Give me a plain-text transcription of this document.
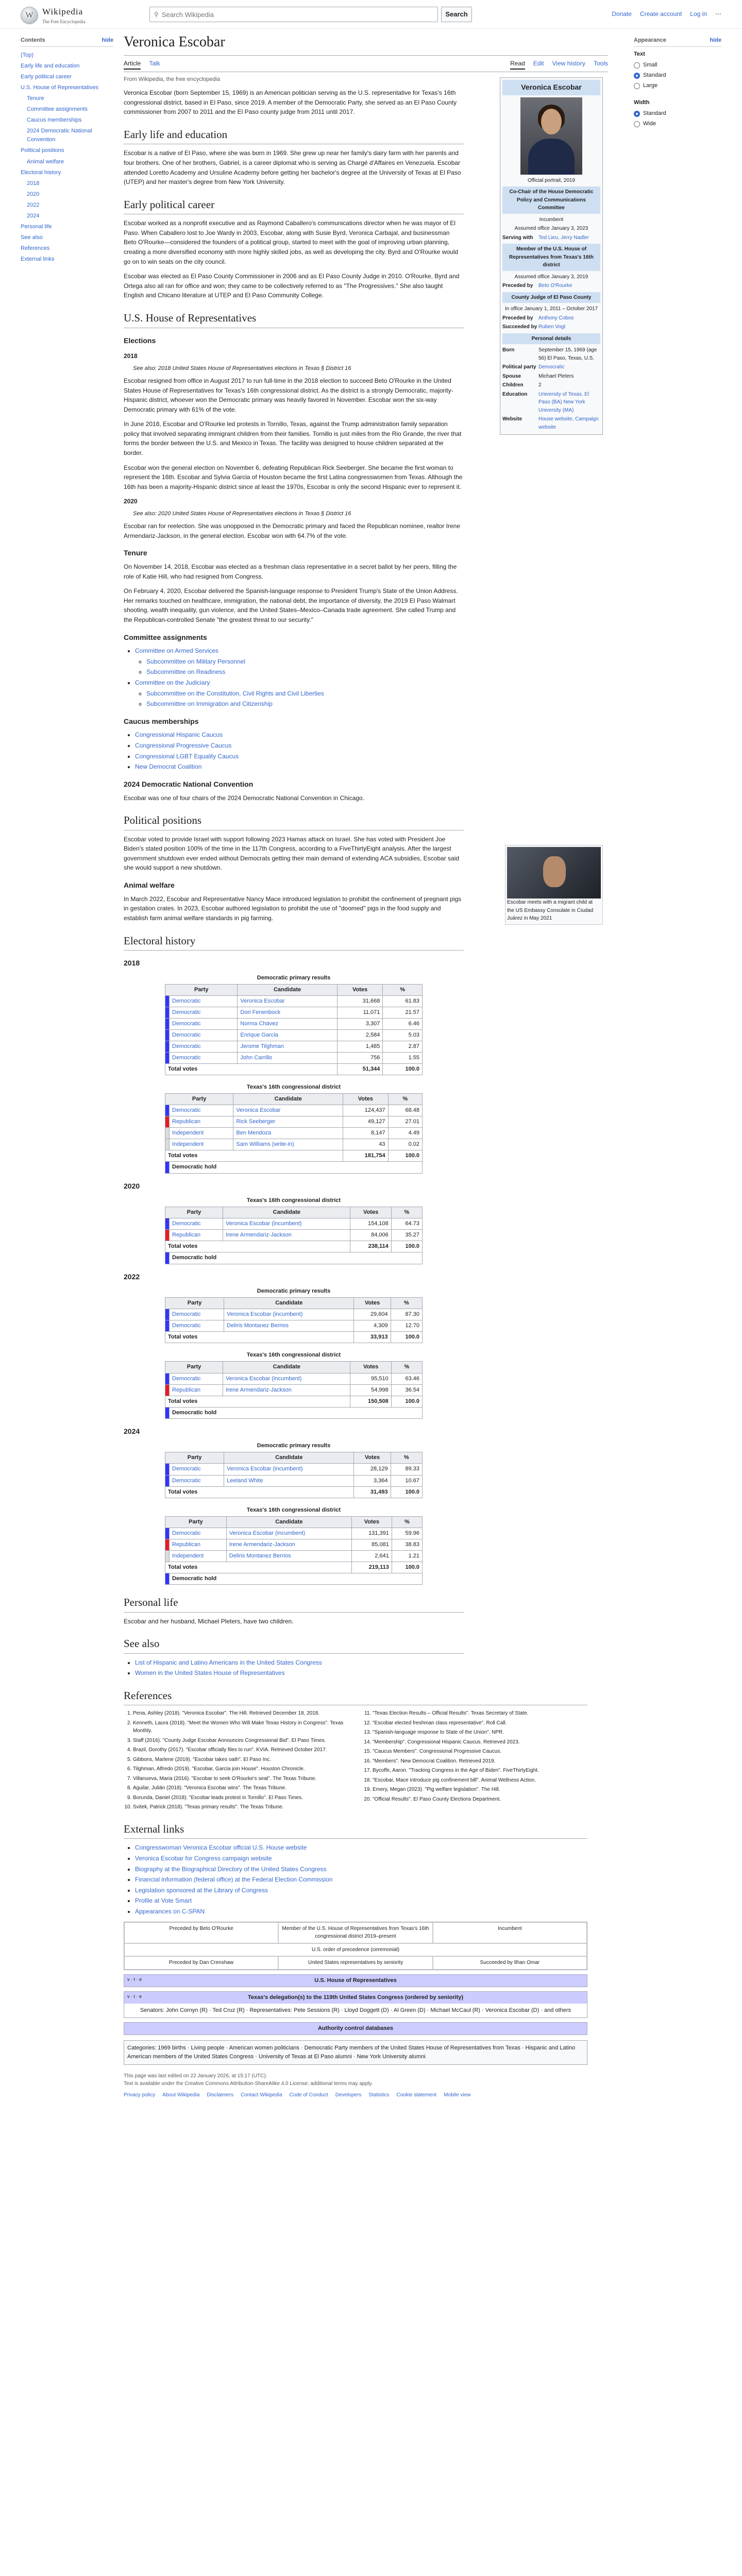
W	Wikipedia
The Free Encyclopedia
⚲
Search Wikipedia	Search	Donate Create account Log in ⋯
Contents	hide
(Top)
Early life and education
Early political career
U.S. House of Representatives
Tenure
Committee assignments
Caucus memberships
2024 Democratic National Convention
Political positions
Animal welfare
Electoral history
2018
2020
2022
2024
Personal life
See also
References
External links
Appearance	hide
Text
Small
Standard
Large
Width
Standard
Wide
Veronica Escobar
Article Talk	Read Edit View history Tools
From Wikipedia, the free encyclopedia

Veronica Escobar (born September 15, 1969) is an American politician serving as the U.S. representative for Texas's 16th congressional district, based in El Paso, since 2019. A member of the Democratic Party, she served as an El Paso County commissioner from 2007 to 2011 and the El Paso county judge from 2011 until 2017.

Early life and education

Escobar is a native of El Paso, where she was born in 1969. She grew up near her family's dairy farm with her parents and four brothers. One of her brothers, Gabriel, is a career diplomat who is serving as Chargé d'Affaires en Venezuela. Escobar attended Loretto Academy and Ursuline Academy before getting her bachelor's degree at the University of Texas at El Paso (UTEP) and her master's degree from New York University.

Early political career

Escobar worked as a nonprofit executive and as Raymond Caballero's communications director when he was mayor of El Paso. When Caballero lost to Joe Wardy in 2003, Escobar, along with Susie Byrd, Veronica Carbajal, and businessman Beto O'Rourke—considered the founders of a political group, started to meet with the goal of improving urban planning, creating a more diversified economy with more highly skilled jobs, as well as developing the city. Byrd and O'Rourke would go on to win seats on the city council.

Escobar was elected as El Paso County Commissioner in 2006 and as El Paso County Judge in 2010. O'Rourke, Byrd and Ortega also all ran for office and won; they came to be collectively referred to as "The Progressives." She also taught English and Chicano literature at UTEP and El Paso Community College.

U.S. House of Representatives
Elections
2018
See also: 2018 United States House of Representatives elections in Texas § District 16

Escobar resigned from office in August 2017 to run full-time in the 2018 election to succeed Beto O'Rourke in the United States House of Representatives for Texas's 16th congressional district. As the district is a strongly Democratic, majority-Hispanic district, whoever won the Democratic primary was heavily favored in November. Escobar won the six-way Democratic primary with 61% of the vote.

In June 2018, Escobar and O'Rourke led protests in Tornillo, Texas, against the Trump administration family separation policy that involved separating immigrant children from their families. Tornillo is just miles from the Rio Grande, the river that forms the border between the U.S. and Mexico in Texas. The facility was designed to house children separated at the border.

Escobar won the general election on November 6, defeating Republican Rick Seeberger. She became the first woman to represent the 16th. Escobar and Sylvia Garcia of Houston became the first Latina congresswomen from Texas. Although the 16th has been a majority-Hispanic district since at least the 1970s, Escobar is only the second Hispanic ever to represent it.

2020
See also: 2020 United States House of Representatives elections in Texas § District 16

Escobar ran for reelection. She was unopposed in the Democratic primary and faced the Republican nominee, realtor Irene Armendariz-Jackson, in the general election. Escobar won with 64.7% of the vote.

Tenure

On November 14, 2018, Escobar was elected as a freshman class representative in a secret ballot by her peers, filling the role of Katie Hill, who had resigned from Congress.

On February 4, 2020, Escobar delivered the Spanish-language response to President Trump's State of the Union Address. Her remarks touched on healthcare, immigration, the national debt, the importance of diversity, the 2019 El Paso Walmart shooting, wealth inequality, gun violence, and the United States–Mexico–Canada trade agreement. She called Trump and the Republican-controlled Senate "the greatest threat to our security."

Committee assignments
• Committee on Armed Services
◦ Subcommittee on Military Personnel
◦ Subcommittee on Readiness
• Committee on the Judiciary
◦ Subcommittee on the Constitution, Civil Rights and Civil Liberties
◦ Subcommittee on Immigration and Citizenship
Caucus memberships
• Congressional Hispanic Caucus
• Congressional Progressive Caucus
• Congressional LGBT Equality Caucus
• New Democrat Coalition
2024 Democratic National Convention

Escobar was one of four chairs of the 2024 Democratic National Convention in Chicago.

Political positions

Escobar voted to provide Israel with support following 2023 Hamas attack on Israel. She has voted with President Joe Biden's stated position 100% of the time in the 117th Congress, according to a FiveThirtyEight analysis. After the largest government shutdown ever ended without Democrats getting their main demand of extending ACA subsidies, Escobar said she would support a new shutdown.

Animal welfare

In March 2022, Escobar and Representative Nancy Mace introduced legislation to prohibit the confinement of pregnant pigs in gestation crates. In 2023, Escobar authored legislation to prohibit the use of "doomed" pigs in the food supply and establish farm animal welfare standards in pig farming.

Electoral history
2018
Democratic primary results
Party		Candidate	Votes	%
	Democratic	Veronica Escobar	31,668	61.83
	Democratic	Dori Fenenbock	11,071	21.57
	Democratic	Norma Chávez	3,307	6.46
	Democratic	Enrique Garcia	2,584	5.03
	Democratic	Jerome Tilghman	1,485	2.87
	Democratic	John Carrillo	756	1.55
Total votes			51,344	100.0
Texas's 16th congressional district
Party		Candidate	Votes	%
	Democratic	Veronica Escobar	124,437	68.48
	Republican	Rick Seeberger	49,127	27.01
	Independent	Ben Mendoza	8,147	4.49
	Independent	Sam Williams (write-in)	43	0.02
Total votes			181,754	100.0
	Democratic hold			
2020
Texas's 16th congressional district
Party		Candidate	Votes	%
	Democratic	Veronica Escobar (incumbent)	154,108	64.73
	Republican	Irene Armendariz-Jackson	84,006	35.27
Total votes			238,114	100.0
	Democratic hold			
2022
Democratic primary results
Party		Candidate	Votes	%
	Democratic	Veronica Escobar (incumbent)	29,604	87.30
	Democratic	Deliris Montanez Berrios	4,309	12.70
Total votes			33,913	100.0
Texas's 16th congressional district
Party		Candidate	Votes	%
	Democratic	Veronica Escobar (incumbent)	95,510	63.46
	Republican	Irene Armendariz-Jackson	54,998	36.54
Total votes			150,508	100.0
	Democratic hold			
2024
Democratic primary results
Party		Candidate	Votes	%
	Democratic	Veronica Escobar (incumbent)	28,129	89.33
	Democratic	Leeland White	3,364	10.67
Total votes			31,493	100.0
Texas's 16th congressional district
Party		Candidate	Votes	%
	Democratic	Veronica Escobar (incumbent)	131,391	59.96
	Republican	Irene Armendariz-Jackson	85,081	38.83
	Independent	Deliris Montanez Berrios	2,641	1.21
Total votes			219,113	100.0
	Democratic hold			
Personal life

Escobar and her husband, Michael Pleters, have two children.

See also
• List of Hispanic and Latino Americans in the United States Congress
• Women in the United States House of Representatives
References
1. Pena, Ashley (2018). "Veronica Escobar". The Hill. Retrieved December 18, 2018.
2. Kenneth, Laura (2018). "Meet the Women Who Will Make Texas History in Congress". Texas Monthly.
3. Staff (2016). "County Judge Escobar Announces Congressional Bid". El Paso Times.
4. Brazil, Dorothy (2017). "Escobar officially files to run". KVIA. Retrieved October 2017.
5. Gibbons, Marlene (2019). "Escobar takes oath". El Paso Inc.
6. Tilghman, Alfredo (2019). "Escobar, Garcia join House". Houston Chronicle.
7. Villanueva, Maria (2016). "Escobar to seek O'Rourke's seat". The Texas Tribune.
8. Aguilar, Julián (2018). "Veronica Escobar wins". The Texas Tribune.
9. Borunda, Daniel (2018). "Escobar leads protest in Tornillo". El Paso Times.
10. Svitek, Patrick (2018). "Texas primary results". The Texas Tribune.
11. "Texas Election Results – Official Results". Texas Secretary of State.
12. "Escobar elected freshman class representative". Roll Call.
13. "Spanish-language response to State of the Union". NPR.
14. "Membership". Congressional Hispanic Caucus. Retrieved 2023.
15. "Caucus Members". Congressional Progressive Caucus.
16. "Members". New Democrat Coalition. Retrieved 2019.
17. Bycoffe, Aaron. "Tracking Congress in the Age of Biden". FiveThirtyEight.
18. "Escobar, Mace introduce pig confinement bill". Animal Wellness Action.
19. Emery, Megan (2023). "Pig welfare legislation". The Hill.
20. "Official Results". El Paso County Elections Department.
External links
• Congresswoman Veronica Escobar official U.S. House website
• Veronica Escobar for Congress campaign website
• Biography at the Biographical Directory of the United States Congress
• Financial information (federal office) at the Federal Election Commission
• Legislation sponsored at the Library of Congress
• Profile at Vote Smart
• Appearances on C-SPAN
Preceded by Beto O'Rourke	Member of the U.S. House of Representatives from Texas's 16th congressional district 2019–present
Incumbent
U.S. order of precedence (ceremonial)
Preceded by Dan Crenshaw	United States representatives by seniority	Succeeded by Ilhan Omar
v · t · e	U.S. House of Representatives
v · t · e	Texas's delegation(s) to the 119th United States Congress (ordered by seniority)
Senators: John Cornyn (R) · Ted Cruz (R) · Representatives: Pete Sessions (R) · Lloyd Doggett (D) · Al Green (D) · Michael McCaul (R) · Veronica Escobar (D) · and others
Authority control databases
Categories: 1969 births · Living people · American women politicians · Democratic Party members of the United States House of Representatives from Texas · Hispanic and Latino American members of the United States Congress · University of Texas at El Paso alumni · New York University alumni
This page was last edited on 22 January 2026, at 15:17 (UTC).
Text is available under the Creative Commons Attribution-ShareAlike 4.0 License; additional terms may apply.
Privacy policy About Wikipedia Disclaimers Contact Wikipedia Code of Conduct Developers Statistics Cookie statement Mobile view
Veronica Escobar
Official portrait, 2019
Co-Chair of the House Democratic Policy and Communications Committee
Incumbent
Assumed office January 3, 2023
Serving with	Ted Lieu, Jerry Nadler
Member of the U.S. House of Representatives from Texas's 16th district
Assumed office January 3, 2019
Preceded by	Beto O'Rourke
County Judge of El Paso County
In office January 1, 2011 – October 2017
Preceded by	Anthony Cobos
Succeeded by Ruben Vogt
Personal details
Born	September 15, 1969 (age 56) El Paso, Texas, U.S.
Political party Democratic
Spouse	Michael Pleters
Children	2
Education	University of Texas, El Paso (BA) New York University (MA)
Website	House website, Campaign website
Escobar meets with a migrant child at the US Embassy Consulate in Ciudad Juárez in May 2021
